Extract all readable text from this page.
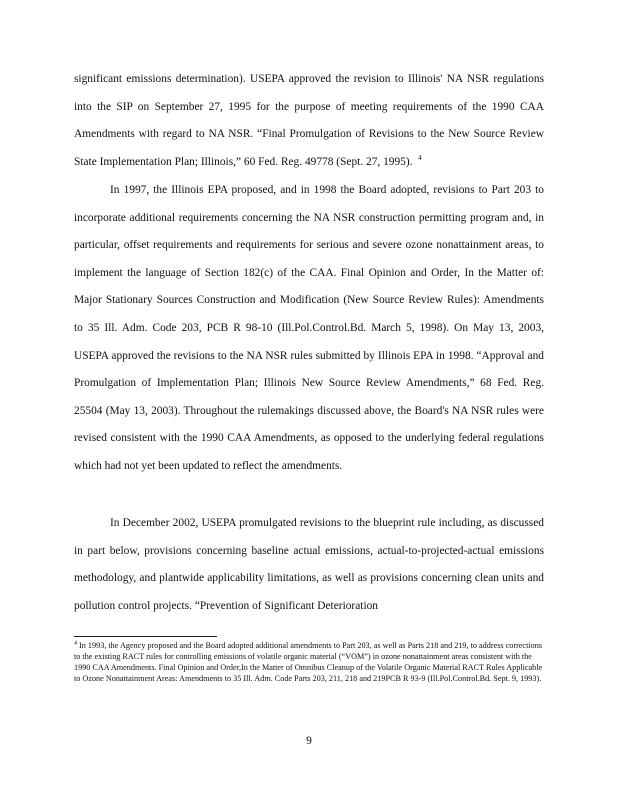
significant emissions determination). USEPA approved the revision to Illinois' NA NSR regulations into the SIP on September 27, 1995 for the purpose of meeting requirements of the 1990 CAA Amendments with regard to NA NSR. “Final Promulgation of Revisions to the New Source Review State Implementation Plan; Illinois,” 60 Fed. Reg. 49778 (Sept. 27, 1995). $^4$

In 1997, the Illinois EPA proposed, and in 1998 the Board adopted, revisions to Part 203 to incorporate additional requirements concerning the NA NSR construction permitting program and, in particular, offset requirements and requirements for serious and severe ozone nonattainment areas, to implement the language of Section 182(c) of the CAA. Final Opinion and Order, In the Matter of: Major Stationary Sources Construction and Modification (New Source Review Rules): Amendments to 35 Ill. Adm. Code 203, PCB R 98-10 (Ill.Pol.Control.Bd. March 5, 1998). On May 13, 2003, USEPA approved the revisions to the NA NSR rules submitted by Illinois EPA in 1998. “Approval and Promulgation of Implementation Plan; Illinois New Source Review Amendments,” 68 Fed. Reg. 25504 (May 13, 2003). Throughout the rulemakings discussed above, the Board's NA NSR rules were revised consistent with the 1990 CAA Amendments, as opposed to the underlying federal regulations which had not yet been updated to reflect the amendments.

In December 2002, USEPA promulgated revisions to the blueprint rule including, as discussed in part below, provisions concerning baseline actual emissions, actual-to-projected-actual emissions methodology, and plantwide applicability limitations, as well as provisions concerning clean units and pollution control projects. “Prevention of Significant Deterioration

$^4$ In 1993, the Agency proposed and the Board adopted additional amendments to Part 203, as well as Parts 218 and 219, to address corrections to the existing RACT rules for controlling emissions of volatile organic material (“VOM”) in ozone nonattainment areas consistent with the 1990 CAA Amendments. Final Opinion and Order,In the Matter of Omnibus Cleanup of the Volatile Organic Material RACT Rules Applicable to Ozone Nonattainment Areas: Amendments to 35 Ill. Adm. Code Parts 203, 211, 218 and 219PCB R 93-9 (Ill.Pol.Control.Bd. Sept. 9, 1993).

9
